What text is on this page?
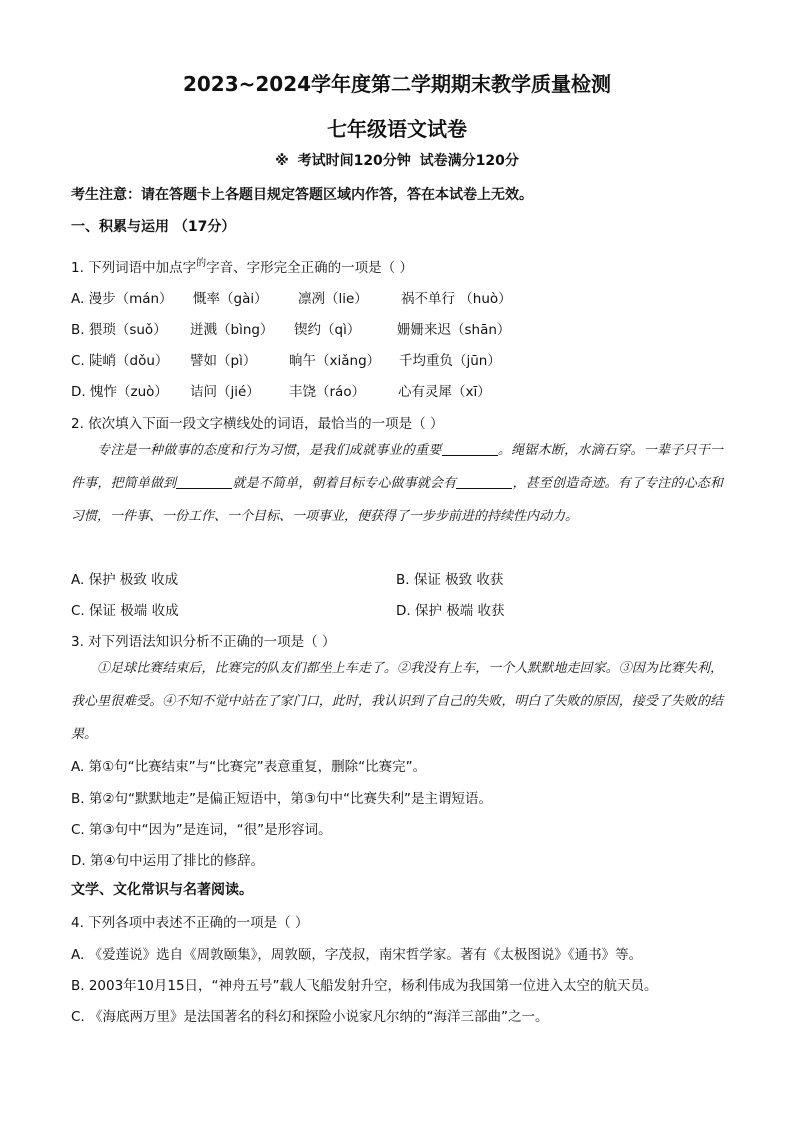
2023~2024学年度第二学期期末教学质量检测
七年级语文试卷
※ 考试时间120分钟 试卷满分120分
考生注意：请在答题卡上各题目规定答题区域内作答，答在本试卷上无效。
一、积累与运用 （17分）
1. 下列词语中加点字$^的$字音、字形完全正确的一项是（ ）
A. 漫步（mán） 慨率（gài） 凛冽（lie） 祸不单行 （huò）
B. 猥琐（suǒ） 迸溅（bìng） 锲约（qì）	姗姗来迟（shān）
C. 陡峭（dǒu） 譬如（pì） 晌午（xiǎng） 千均重负（jūn）
D. 愧怍（zuò） 诘问（jié） 丰饶（ráo） 心有灵犀（xī）
2. 依次填入下面一段文字横线处的词语，最恰当的一项是（ ）
专注是一种做事的态度和行为习惯，是我们成就事业的重要	。绳锯木断，水滴石穿。一辈子只干一件事，把简单做到	就是不简单，朝着目标专心做事就会有	，甚至创造奇迹。有了专注的心态和习惯，一件事、一份工作、一个目标、一项事业，便获得了一步步前进的持续性内动力。
A. 保护 极致 收成	B. 保证 极致 收获
C. 保证 极端 收成	D. 保护 极端 收获
3. 对下列语法知识分析不正确的一项是（ ）
①足球比赛结束后，比赛完的队友们都坐上车走了。②我没有上车，一个人默默地走回家。③因为比赛失利，我心里很难受。④不知不觉中站在了家门口，此时，我认识到了自己的失败，明白了失败的原因，接受了失败的结果。
A. 第①句“比赛结束”与“比赛完”表意重复，删除“比赛完”。
B. 第②句“默默地走”是偏正短语中，第③句中“比赛失利”是主谓短语。
C. 第③句中“因为”是连词，“很”是形容词。
D. 第④句中运用了排比的修辞。
文学、文化常识与名著阅读。
4. 下列各项中表述不正确的一项是（ ）
A. 《爱莲说》选自《周敦颐集》，周敦颐，字茂叔，南宋哲学家。著有《太极图说》《通书》等。
B. 2003年10月15日，“神舟五号”载人飞船发射升空，杨利伟成为我国第一位进入太空的航天员。
C. 《海底两万里》是法国著名的科幻和探险小说家凡尔纳的“海洋三部曲”之一。
